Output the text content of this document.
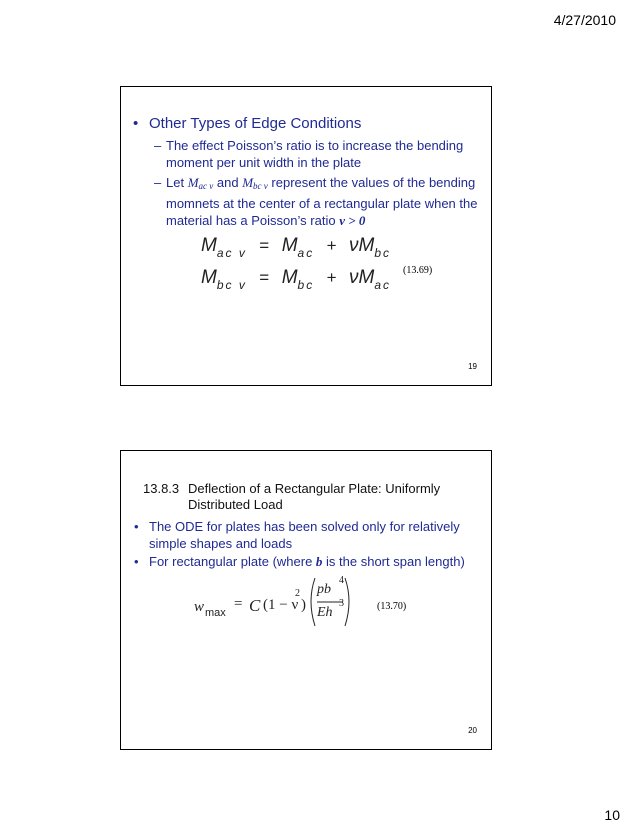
4/27/2010
• Other Types of Edge Conditions
– The effect Poisson’s ratio is to increase the bending
moment per unit width in the plate
– Let $M_{ac v}$ and $M_{bc v}$ represent the values of the bending
momnets at the center of a rectangular plate when the
material has a Poisson’s ratio ν > 0
$M_{ac v} = M_{ac} + \nu M_{bc}$
$M_{bc v} = M_{bc} + \nu M_{ac}$
(13.69)
19
13.8.3 Deflection of a Rectangular Plate: Uniformly
Distributed Load
• The ODE for plates has been solved only for relatively
simple shapes and loads
• For rectangular plate (where b is the short span length)
w max
= C (1 − ν
2
)
pb
4
Eh
3	(13.70)
20
10
